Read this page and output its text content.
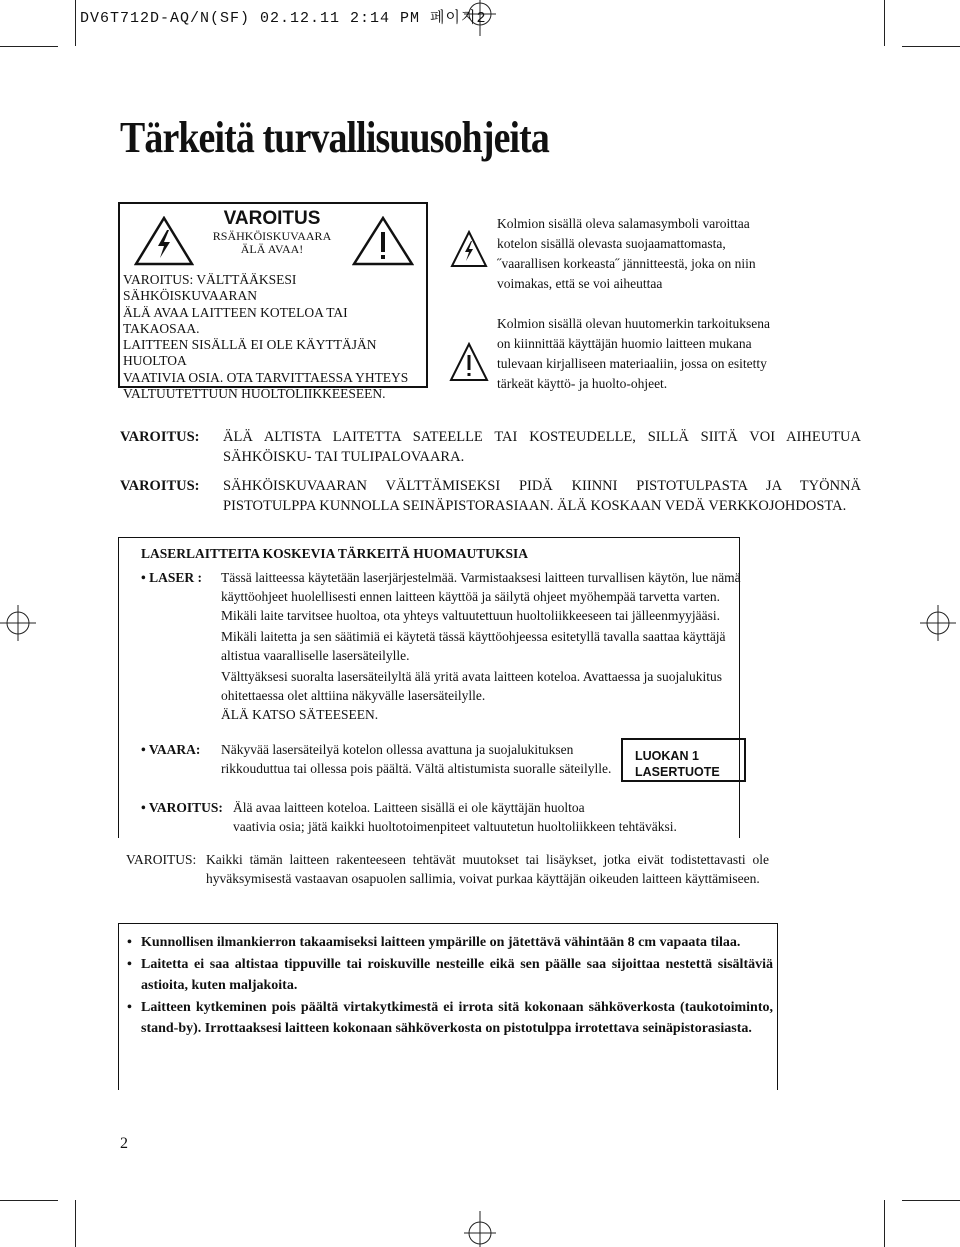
DV6T712D-AQ/N(SF) 02.12.11 2:14 PM 페이지2
Tärkeitä turvallisuusohjeita
VAROITUS
RSÄHKÖISKUVAARA
ÄLÄ AVAA!
VAROITUS: VÄLTTÄÄKSESI SÄHKÖISKUVAARAN
ÄLÄ AVAA LAITTEEN KOTELOA TAI TAKAOSAA.
LAITTEEN SISÄLLÄ EI OLE KÄYTTÄJÄN HUOLTOA
VAATIVIA OSIA. OTA TARVITTAESSA YHTEYS
VALTUUTETTUUN HUOLTOLIIKKEESEEN.
Kolmion sisällä oleva salamasymboli varoittaa kotelon sisällä olevasta suojaamattomasta, ˝vaarallisen korkeasta˝ jännitteestä, joka on niin voimakas, että se voi aiheuttaa
Kolmion sisällä olevan huutomerkin tarkoituksena on kiinnittää käyttäjän huomio laitteen mukana tulevaan kirjalliseen materiaaliin, jossa on esitetty tärkeät käyttö- ja huolto-ohjeet.
VAROITUS: ÄLÄ ALTISTA LAITETTA SATEELLE TAI KOSTEUDELLE, SILLÄ SIITÄ VOI AIHEUTUA SÄHKÖISKU- TAI TULIPALOVAARA.
VAROITUS: SÄHKÖISKUVAARAN VÄLTTÄMISEKSI PIDÄ KIINNI PISTOTULPASTA JA TYÖNNÄ PISTOTULPPA KUNNOLLA SEINÄPISTORASIAAN. ÄLÄ KOSKAAN VEDÄ VERKKOJOHDOSTA.
LASERLAITTEITA KOSKEVIA TÄRKEITÄ HUOMAUTUKSIA
• LASER : Tässä laitteessa käytetään laserjärjestelmää. Varmistaaksesi laitteen turvallisen käytön, lue nämä käyttöohjeet huolellisesti ennen laitteen käyttöä ja säilytä ohjeet myöhempää tarvetta varten. Mikäli laite tarvitsee huoltoa, ota yhteys valtuutettuun huoltoliikkeeseen tai jälleenmyyjääsi.

Mikäli laitetta ja sen säätimiä ei käytetä tässä käyttöohjeessa esitetyllä tavalla saattaa käyttäjä altistua vaaralliselle lasersäteilylle.

Välttyäksesi suoralta lasersäteilyltä älä yritä avata laitteen koteloa. Avattaessa ja suojalukitus ohitettaessa olet alttiina näkyvälle lasersäteilylle.

ÄLÄ KATSO SÄTEESEEN.

• VAARA: Näkyvää lasersäteilyä kotelon ollessa avattuna ja suojalukituksen rikkouduttua tai ollessa pois päältä. Vältä altistumista suoralle säteilylle.
LUOKAN 1
LASERTUOTE
• VAROITUS: Älä avaa laitteen koteloa. Laitteen sisällä ei ole käyttäjän huoltoa
vaativia osia; jätä kaikki huoltotoimenpiteet valtuutetun huoltoliikkeen tehtäväksi.
VAROITUS: Kaikki tämän laitteen rakenteeseen tehtävät muutokset tai lisäykset, jotka eivät todistettavasti ole hyväksymisestä vastaavan osapuolen sallimia, voivat purkaa käyttäjän oikeuden laitteen käyttämiseen.
• Kunnollisen ilmankierron takaamiseksi laitteen ympärille on jätettävä vähintään 8 cm vapaata tilaa.
• Laitetta ei saa altistaa tippuville tai roiskuville nesteille eikä sen päälle saa sijoittaa nestettä sisältäviä astioita, kuten maljakoita.
• Laitteen kytkeminen pois päältä virtakytkimestä ei irrota sitä kokonaan sähköverkosta (taukotoiminto, stand-by). Irrottaaksesi laitteen kokonaan sähköverkosta on pistotulppa irrotettava seinäpistorasiasta.
2
